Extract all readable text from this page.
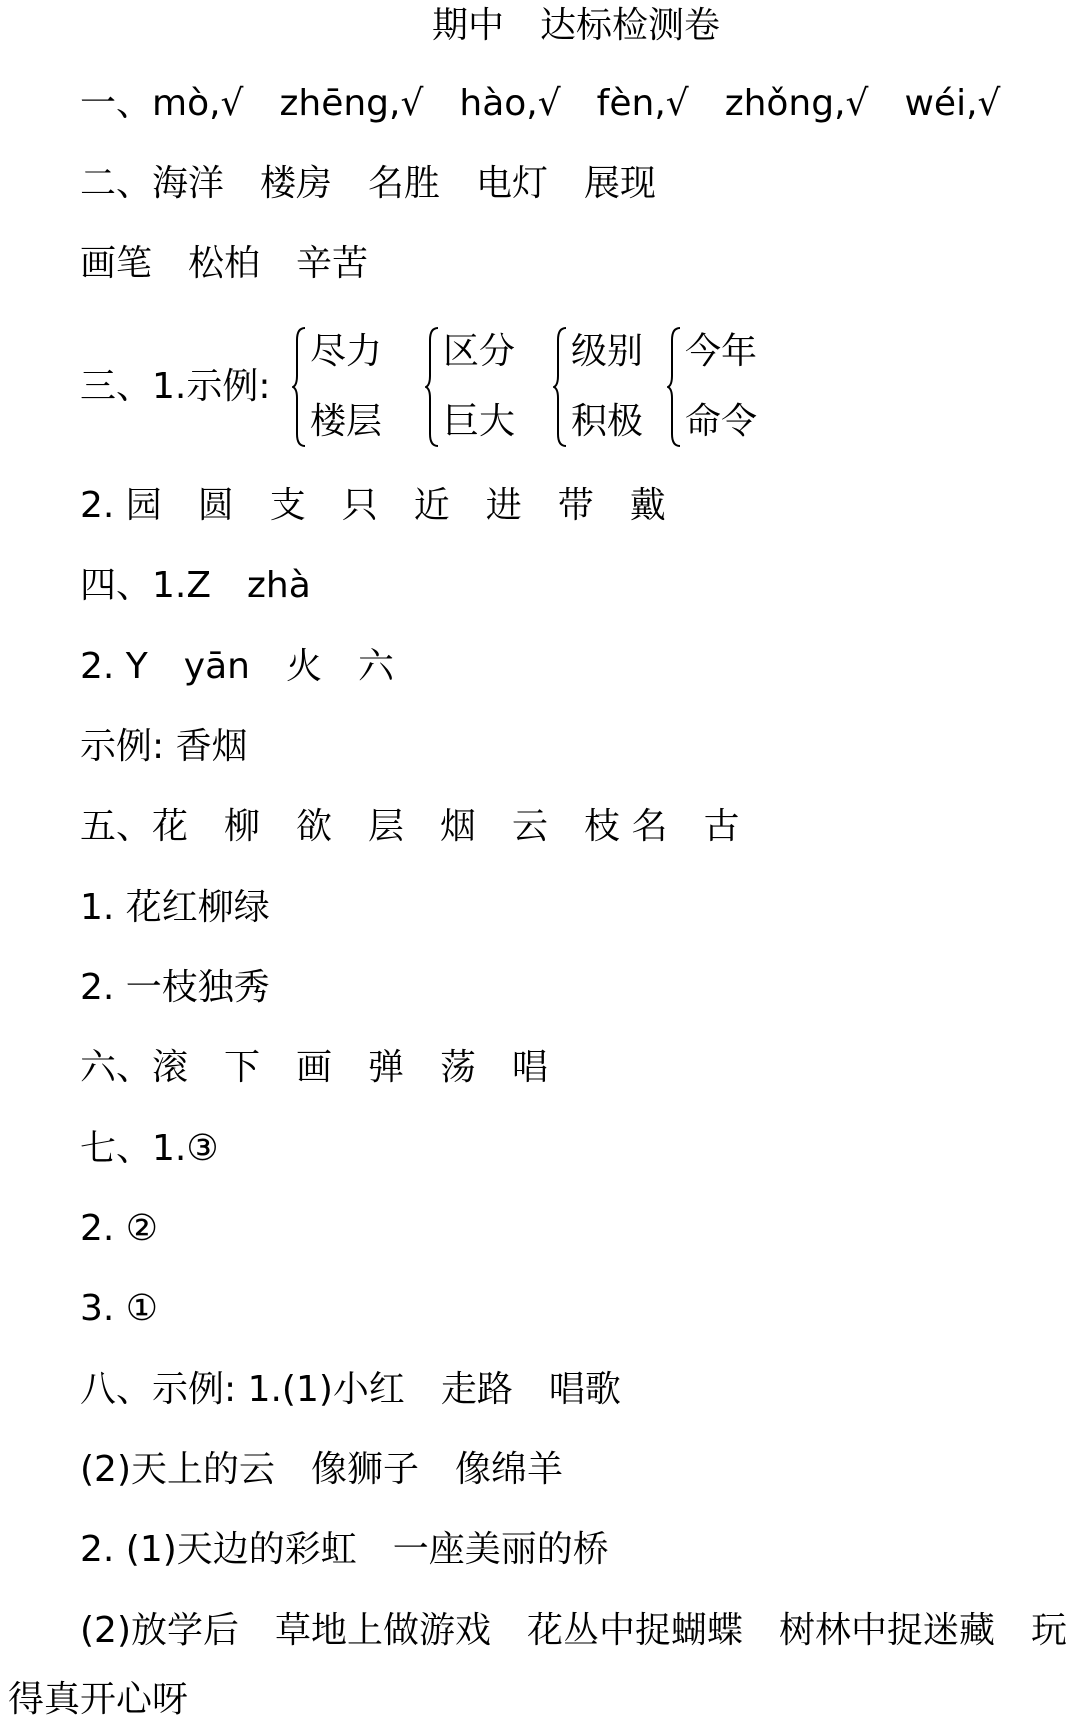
期中　达标检测卷
一、mò,√　zhēng,√　hào,√　fèn,√　zhǒng,√　wéi,√
二、海洋　楼房　名胜　电灯　展现
画笔　松柏　辛苦
三、1.示例:
尽力
楼层
区分
巨大
级别
积极
今年
命令
2. 园　圆　支　只　近　进　带　戴
四、1.Z　zhà
2. Y　yān　火　六
示例: 香烟
五、花　柳　欲　层　烟　云　枝 名　古
1. 花红柳绿
2. 一枝独秀
六、滚　下　画　弹　荡　唱
七、1.③
2. ②
3. ①
八、示例: 1.(1)小红　走路　唱歌
(2)天上的云　像狮子　像绵羊
2. (1)天边的彩虹　一座美丽的桥
(2)放学后　草地上做游戏　花丛中捉蝴蝶　树林中捉迷藏　玩
得真开心呀
